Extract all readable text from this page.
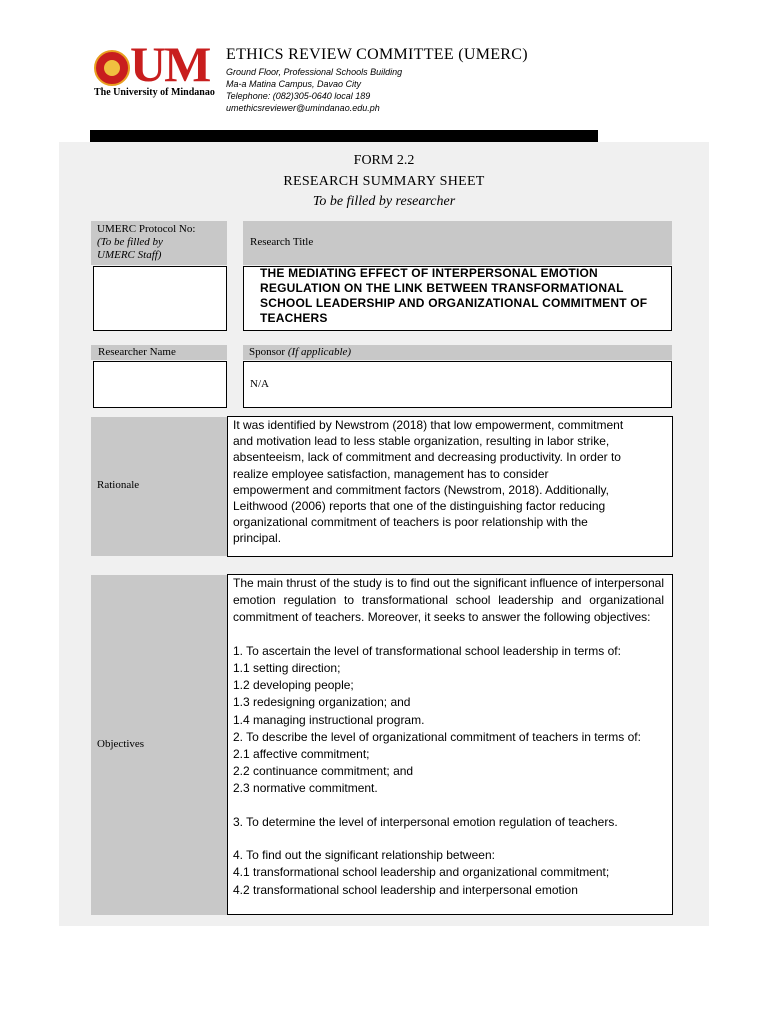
UM
The University of Mindanao
ETHICS REVIEW COMMITTEE (UMERC)
Ground Floor, Professional Schools Building
Ma-a Matina Campus, Davao City
Telephone: (082)305-0640 local 189
umethicsreviewer@umindanao.edu.ph
FORM 2.2
RESEARCH SUMMARY SHEET
To be filled by researcher
UMERC Protocol No:
(To be filled by
UMERC Staff)
Research Title
THE MEDIATING EFFECT OF INTERPERSONAL EMOTION
REGULATION ON THE LINK BETWEEN TRANSFORMATIONAL
SCHOOL LEADERSHIP AND ORGANIZATIONAL COMMITMENT OF
TEACHERS
Researcher Name	Sponsor (If applicable)
N/A
Rationale
It was identified by Newstrom (2018) that low empowerment, commitment
and motivation lead to less stable organization, resulting in labor strike,
absenteeism, lack of commitment and decreasing productivity. In order to
realize employee satisfaction, management has to consider
empowerment and commitment factors (Newstrom, 2018). Additionally,
Leithwood (2006) reports that one of the distinguishing factor reducing
organizational commitment of teachers is poor relationship with the
principal.
Objectives

The main thrust of the study is to find out the significant influence of interpersonal emotion regulation to transformational school leadership and organizational commitment of teachers. Moreover, it seeks to answer the following objectives:

1. To ascertain the level of transformational school leadership in terms of:

1.1 setting direction;

1.2 developing people;

1.3 redesigning organization; and

1.4 managing instructional program.

2. To describe the level of organizational commitment of teachers in terms of:

2.1 affective commitment;

2.2 continuance commitment; and

2.3 normative commitment.

3. To determine the level of interpersonal emotion regulation of teachers.

4. To find out the significant relationship between:

4.1 transformational school leadership and organizational commitment;

4.2 transformational school leadership and interpersonal emotion
